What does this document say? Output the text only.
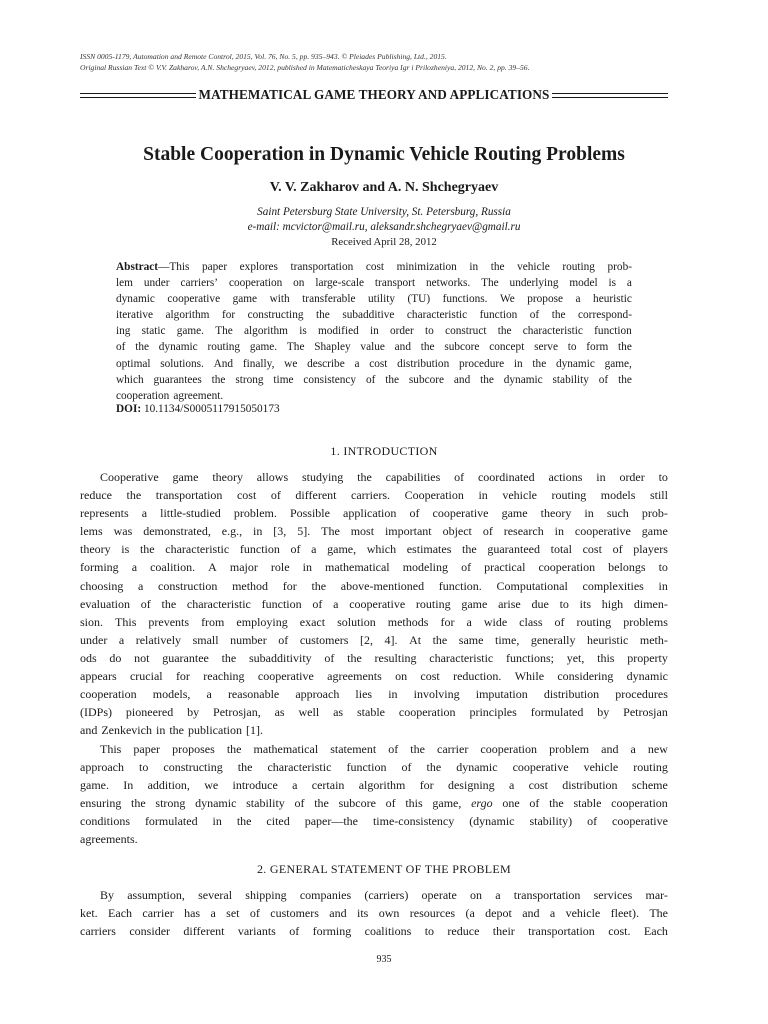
ISSN 0005-1179, Automation and Remote Control, 2015, Vol. 76, No. 5, pp. 935–943. © Pleiades Publishing, Ltd., 2015.
Original Russian Text © V.V. Zakharov, A.N. Shchegryaev, 2012, published in Matematicheskaya Teoriya Igr i Prilozheniya, 2012, No. 2, pp. 39–56.
MATHEMATICAL GAME THEORY AND APPLICATIONS
Stable Cooperation in Dynamic Vehicle Routing Problems
V. V. Zakharov and A. N. Shchegryaev
Saint Petersburg State University, St. Petersburg, Russia
e-mail: mcvictor@mail.ru, aleksandr.shchegryaev@gmail.ru
Received April 28, 2012
Abstract—This paper explores transportation cost minimization in the vehicle routing prob-
lem under carriers’ cooperation on large-scale transport networks. The underlying model is a
dynamic cooperative game with transferable utility (TU) functions. We propose a heuristic
iterative algorithm for constructing the subadditive characteristic function of the correspond-
ing static game. The algorithm is modified in order to construct the characteristic function
of the dynamic routing game. The Shapley value and the subcore concept serve to form the
optimal solutions. And finally, we describe a cost distribution procedure in the dynamic game,
which guarantees the strong time consistency of the subcore and the dynamic stability of the
cooperation agreement.
DOI: 10.1134/S0005117915050173
1. INTRODUCTION
Cooperative game theory allows studying the capabilities of coordinated actions in order to
reduce the transportation cost of different carriers. Cooperation in vehicle routing models still
represents a little-studied problem. Possible application of cooperative game theory in such prob-
lems was demonstrated, e.g., in [3, 5]. The most important object of research in cooperative game
theory is the characteristic function of a game, which estimates the guaranteed total cost of players
forming a coalition. A major role in mathematical modeling of practical cooperation belongs to
choosing a construction method for the above-mentioned function. Computational complexities in
evaluation of the characteristic function of a cooperative routing game arise due to its high dimen-
sion. This prevents from employing exact solution methods for a wide class of routing problems
under a relatively small number of customers [2, 4]. At the same time, generally heuristic meth-
ods do not guarantee the subadditivity of the resulting characteristic functions; yet, this property
appears crucial for reaching cooperative agreements on cost reduction. While considering dynamic
cooperation models, a reasonable approach lies in involving imputation distribution procedures
(IDPs) pioneered by Petrosjan, as well as stable cooperation principles formulated by Petrosjan
and Zenkevich in the publication [1].
This paper proposes the mathematical statement of the carrier cooperation problem and a new
approach to constructing the characteristic function of the dynamic cooperative vehicle routing
game. In addition, we introduce a certain algorithm for designing a cost distribution scheme
ensuring the strong dynamic stability of the subcore of this game, ergo one of the stable cooperation
conditions formulated in the cited paper—the time-consistency (dynamic stability) of cooperative
agreements.
2. GENERAL STATEMENT OF THE PROBLEM
By assumption, several shipping companies (carriers) operate on a transportation services mar-
ket. Each carrier has a set of customers and its own resources (a depot and a vehicle fleet). The
carriers consider different variants of forming coalitions to reduce their transportation cost. Each
935
